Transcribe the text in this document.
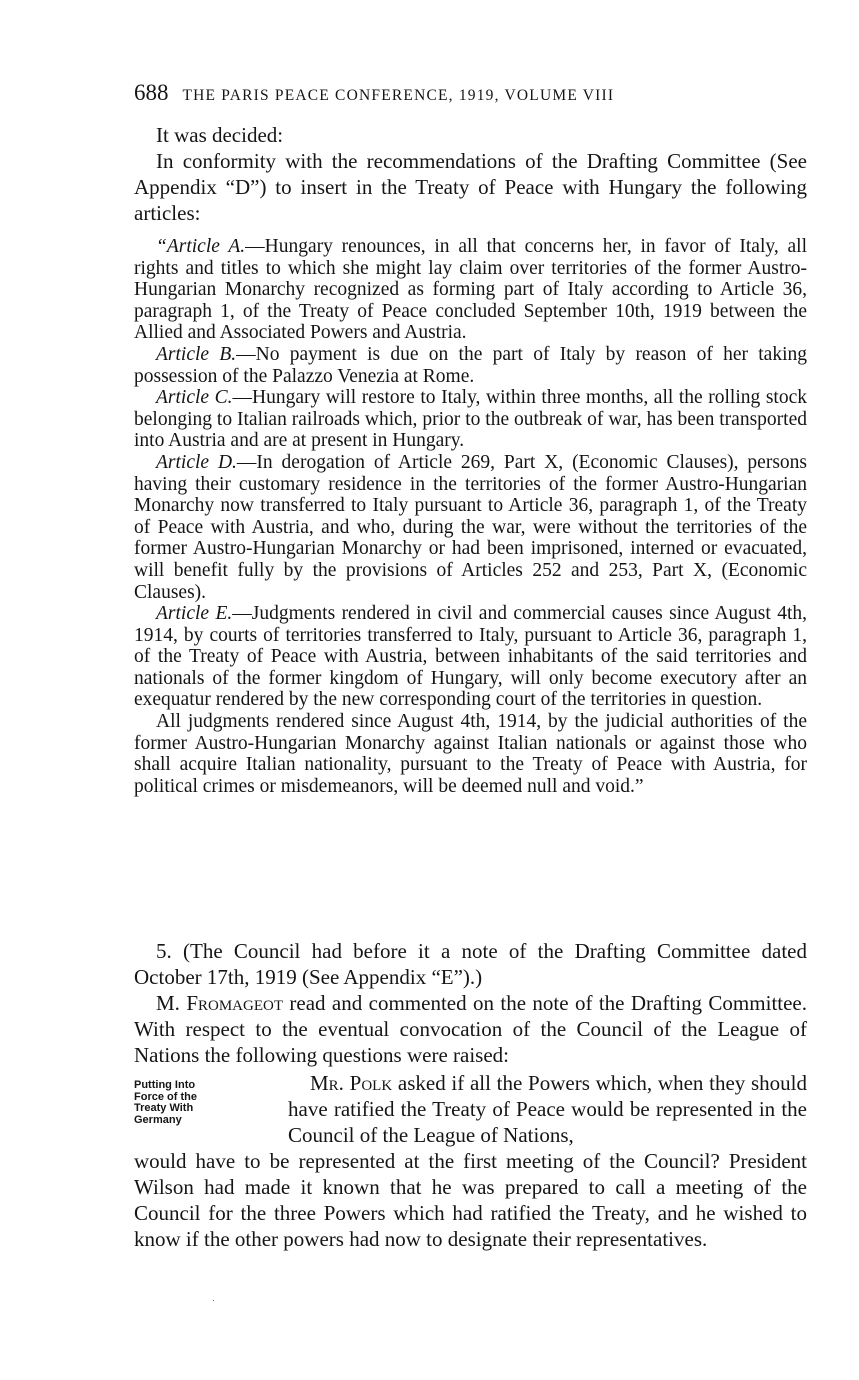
688 THE PARIS PEACE CONFERENCE, 1919, VOLUME VIII

It was decided:

In conformity with the recommendations of the Drafting Committee (See Appendix “D”) to insert in the Treaty of Peace with Hungary the following articles:

“Article A.—Hungary renounces, in all that concerns her, in favor of Italy, all rights and titles to which she might lay claim over territories of the former Austro-Hungarian Monarchy recognized as forming part of Italy according to Article 36, paragraph 1, of the Treaty of Peace concluded September 10th, 1919 between the Allied and Associated Powers and Austria.

Article B.—No payment is due on the part of Italy by reason of her taking possession of the Palazzo Venezia at Rome.

Article C.—Hungary will restore to Italy, within three months, all the rolling stock belonging to Italian railroads which, prior to the outbreak of war, has been transported into Austria and are at present in Hungary.

Article D.—In derogation of Article 269, Part X, (Economic Clauses), persons having their customary residence in the territories of the former Austro-Hungarian Monarchy now transferred to Italy pursuant to Article 36, paragraph 1, of the Treaty of Peace with Austria, and who, during the war, were without the territories of the former Austro-Hungarian Monarchy or had been imprisoned, interned or evacuated, will benefit fully by the provisions of Articles 252 and 253, Part X, (Economic Clauses).

Article E.—Judgments rendered in civil and commercial causes since August 4th, 1914, by courts of territories transferred to Italy, pursuant to Article 36, paragraph 1, of the Treaty of Peace with Austria, between inhabitants of the said territories and nationals of the former kingdom of Hungary, will only become executory after an exequatur rendered by the new corresponding court of the territories in question.

All judgments rendered since August 4th, 1914, by the judicial authorities of the former Austro-Hungarian Monarchy against Italian nationals or against those who shall acquire Italian nationality, pursuant to the Treaty of Peace with Austria, for political crimes or misdemeanors, will be deemed null and void.”

5. (The Council had before it a note of the Drafting Committee dated October 17th, 1919 (See Appendix “E”).)

M. Fromageot read and commented on the note of the Drafting Committee. With respect to the eventual convocation of the Council of the League of Nations the following questions were raised:

Putting Into
Force of the
Treaty With
Germany

Mr. Polk asked if all the Powers which, when they should have ratified the Treaty of Peace would be represented in the Council of the League of Nations,

would have to be represented at the first meeting of the Council? President Wilson had made it known that he was prepared to call a meeting of the Council for the three Powers which had ratified the Treaty, and he wished to know if the other powers had now to designate their representatives.
